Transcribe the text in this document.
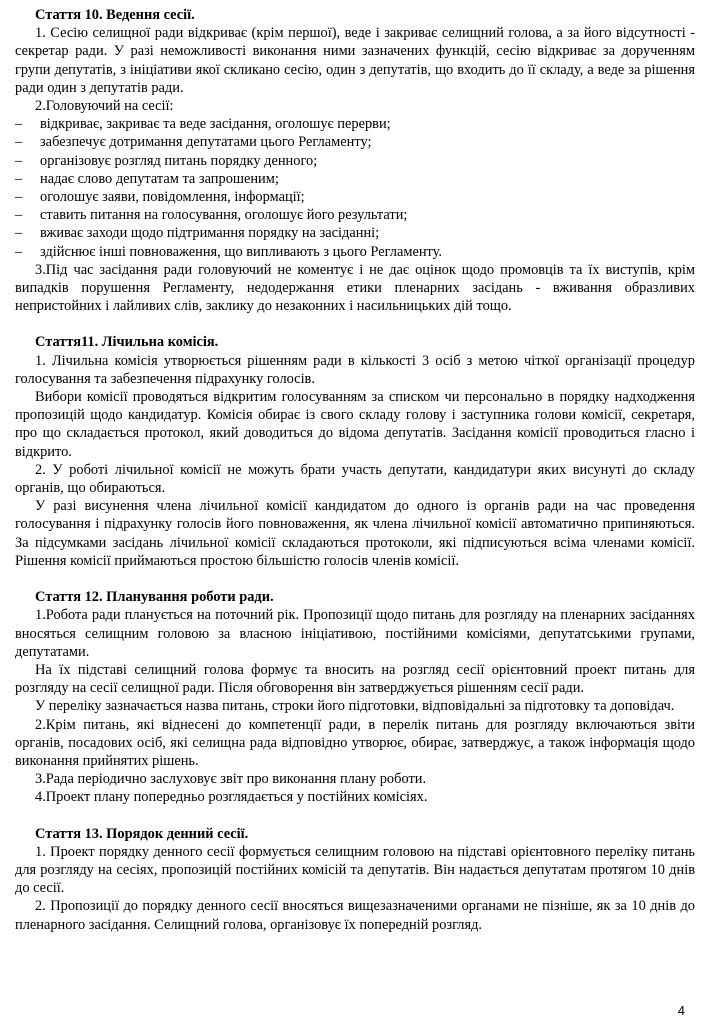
Стаття 10. Ведення сесії.

1. Сесію селищної ради відкриває (крім першої), веде і закриває селищний голова, а за його відсутності - секретар ради. У разі неможливості виконання ними зазначених функцій, сесію відкриває за дорученням групи депутатів, з ініціативи якої скликано сесію, один з депутатів, що входить до її складу, а веде за рішення ради один з депутатів ради.

2.Головуючий на сесії:

– відкриває, закриває та веде засідання, оголошує перерви;
– забезпечує дотримання депутатами цього Регламенту;
– організовує розгляд питань порядку денного;
– надає слово депутатам та запрошеним;
– оголошує заяви, повідомлення, інформації;
– ставить питання на голосування, оголошує його результати;
– вживає заходи щодо підтримання порядку на засіданні;
– здійснює інші повноваження, що випливають з цього Регламенту.

3.Під час засідання ради головуючий не коментує і не дає оцінок щодо промовців та їх виступів, крім випадків порушення Регламенту, недодержання етики пленарних засідань - вживання образливих непристойних і лайливих слів, заклику до незаконних і насильницьких дій тощо.

Стаття11. Лічильна комісія.

1. Лічильна комісія утворюється рішенням ради в кількості 3 осіб з метою чіткої організації процедур голосування та забезпечення підрахунку голосів.

Вибори комісії проводяться відкритим голосуванням за списком чи персонально в порядку надходження пропозицій щодо кандидатур. Комісія обирає із свого складу голову і заступника голови комісії, секретаря, про що складається протокол, який доводиться до відома депутатів. Засідання комісії проводиться гласно і відкрито.

2. У роботі лічильної комісії не можуть брати участь депутати, кандидатури яких висунуті до складу органів, що обираються.

У разі висунення члена лічильної комісії кандидатом до одного із органів ради на час проведення голосування і підрахунку голосів його повноваження, як члена лічильної комісії автоматично припиняються. За підсумками засідань лічильної комісії складаються протоколи, які підписуються всіма членами комісії. Рішення комісії приймаються простою більшістю голосів членів комісії.

Стаття 12. Планування роботи ради.

1.Робота ради планується на поточний рік. Пропозиції щодо питань для розгляду на пленарних засіданнях вносяться селищним головою за власною ініціативою, постійними комісіями, депутатськими групами, депутатами.

На їх підставі селищний голова формує та вносить на розгляд сесії орієнтовний проект питань для розгляду на сесії селищної ради. Після обговорення він затверджується рішенням сесії ради.

У переліку зазначається назва питань, строки його підготовки, відповідальні за підготовку та доповідач.

2.Крім питань, які віднесені до компетенції ради, в перелік питань для розгляду включаються звіти органів, посадових осіб, які селищна рада відповідно утворює, обирає, затверджує, а також інформація щодо виконання прийнятих рішень.

3.Рада періодично заслуховує звіт про виконання плану роботи.

4.Проект плану попередньо розглядається у постійних комісіях.

Стаття 13. Порядок денний сесії.

1. Проект порядку денного сесії формується селищним головою на підставі орієнтовного переліку питань для розгляду на сесіях, пропозицій постійних комісій та депутатів. Він надається депутатам протягом 10 днів до сесії.

2. Пропозиції до порядку денного сесії вносяться вищезазначеними органами не пізніше, як за 10 днів до пленарного засідання. Селищний голова, організовує їх попередній розгляд.

4
